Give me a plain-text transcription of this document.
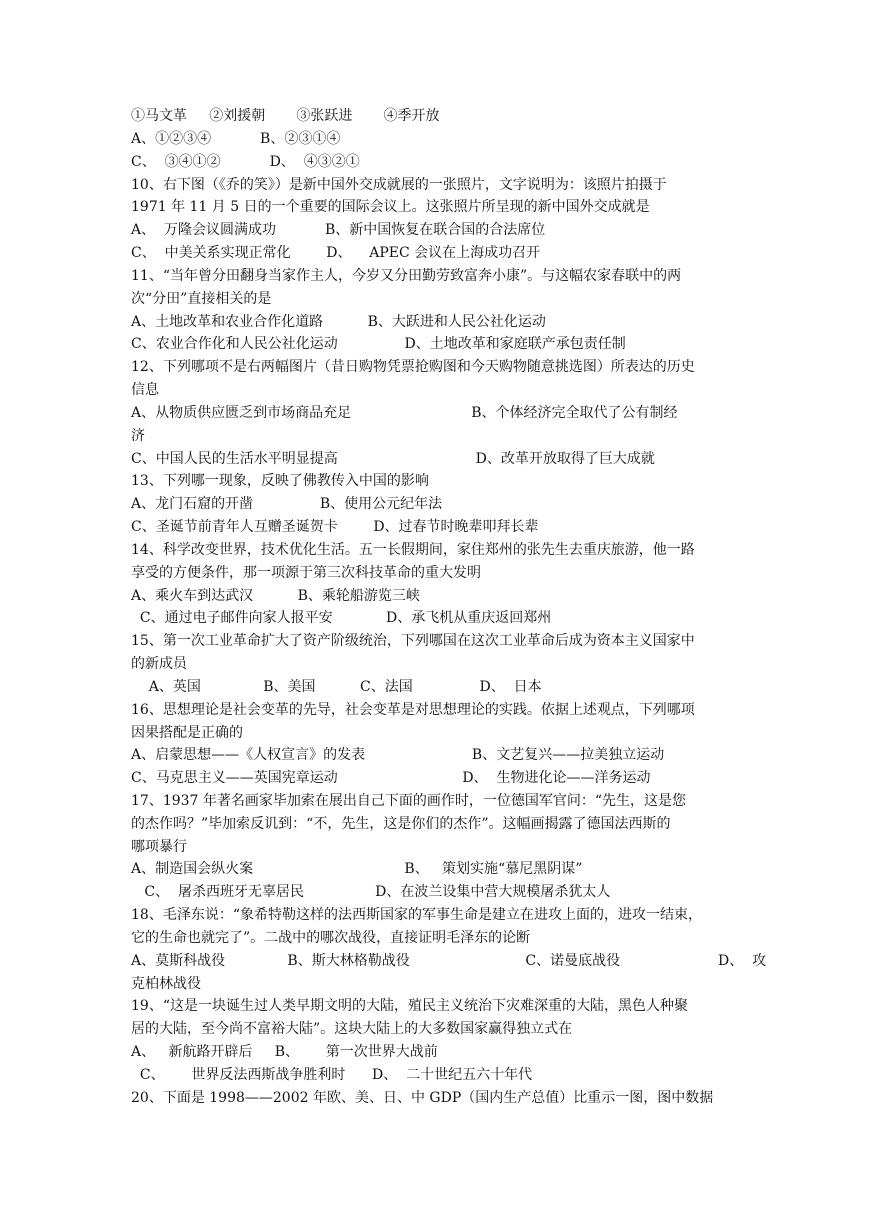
①马文革     ②刘援朝       ③张跃进       ④季开放
A、①②③④           B、②③①④
C、  ③④①②           D、  ④③②①
10、右下图（《乔的笑》）是新中国外交成就展的一张照片，文字说明为：该照片拍摄于
1971 年 11 月 5 日的一个重要的国际会议上。这张照片所呈现的新中国外交成就是
A、  万隆会议圆满成功           B、新中国恢复在联合国的合法席位
C、  中美关系实现正常化        D、    APEC 会议在上海成功召开
11、“当年曾分田翻身当家作主人，今岁又分田勤劳致富奔小康”。与这幅农家春联中的两
次“分田”直接相关的是
A、土地改革和农业合作化道路          B、大跃进和人民公社化运动
C、农业合作化和人民公社化运动               D、土地改革和家庭联产承包责任制
12、下列哪项不是右两幅图片（昔日购物凭票抢购图和今天购物随意挑选图）所表达的历史
信息
A、从物质供应匮乏到市场商品充足                           B、个体经济完全取代了公有制经
济
C、中国人民的生活水平明显提高                               D、改革开放取得了巨大成就
13、下列哪一现象，反映了佛教传入中国的影响
A、龙门石窟的开凿               B、使用公元纪年法
C、圣诞节前青年人互赠圣诞贺卡        D、过春节时晚辈叩拜长辈
14、科学改变世界，技术优化生活。五一长假期间，家住郑州的张先生去重庆旅游，他一路
享受的方便条件，那一项源于第三次科技革命的重大发明
A、乘火车到达武汉          B、乘轮船游览三峡
C、通过电子邮件向家人报平安            D、承飞机从重庆返回郑州
15、第一次工业革命扩大了资产阶级统治，下列哪国在这次工业革命后成为资本主义国家中
的新成员
A、英国              B、美国          C、法国               D、  日本
16、思想理论是社会变革的先导，社会变革是对思想理论的实践。依据上述观点，下列哪项
因果搭配是正确的
A、启蒙思想——《人权宣言》的发表                        B、文艺复兴——拉美独立运动
C、马克思主义——英国宪章运动                            D、  生物进化论——洋务运动
17、1937 年著名画家毕加索在展出自己下面的画作时，一位德国军官问：“先生，这是您
的杰作吗？”毕加索反讥到：“不，先生，这是你们的杰作”。这幅画揭露了德国法西斯的
哪项暴行
A、制造国会纵火案                                  B、   策划实施“慕尼黑阴谋”
C、  屠杀西班牙无辜居民                D、在波兰设集中营大规模屠杀犹太人
18、毛泽东说：“象希特勒这样的法西斯国家的军事生命是建立在进攻上面的，进攻一结束，
它的生命也就完了”。二战中的哪次战役，直接证明毛泽东的论断
A、莫斯科战役              B、斯大林格勒战役                          C、诺曼底战役                      D、  攻
克柏林战役
19、“这是一块诞生过人类早期文明的大陆，殖民主义统治下灾难深重的大陆，黑色人种聚
居的大陆，至今尚不富裕大陆”。这块大陆上的大多数国家赢得独立式在
A、   新航路开辟后     B、      第一次世界大战前
C、      世界反法西斯战争胜利时      D、  二十世纪五六十年代
20、下面是 1998——2002 年欧、美、日、中 GDP（国内生产总值）比重示一图，图中数据
